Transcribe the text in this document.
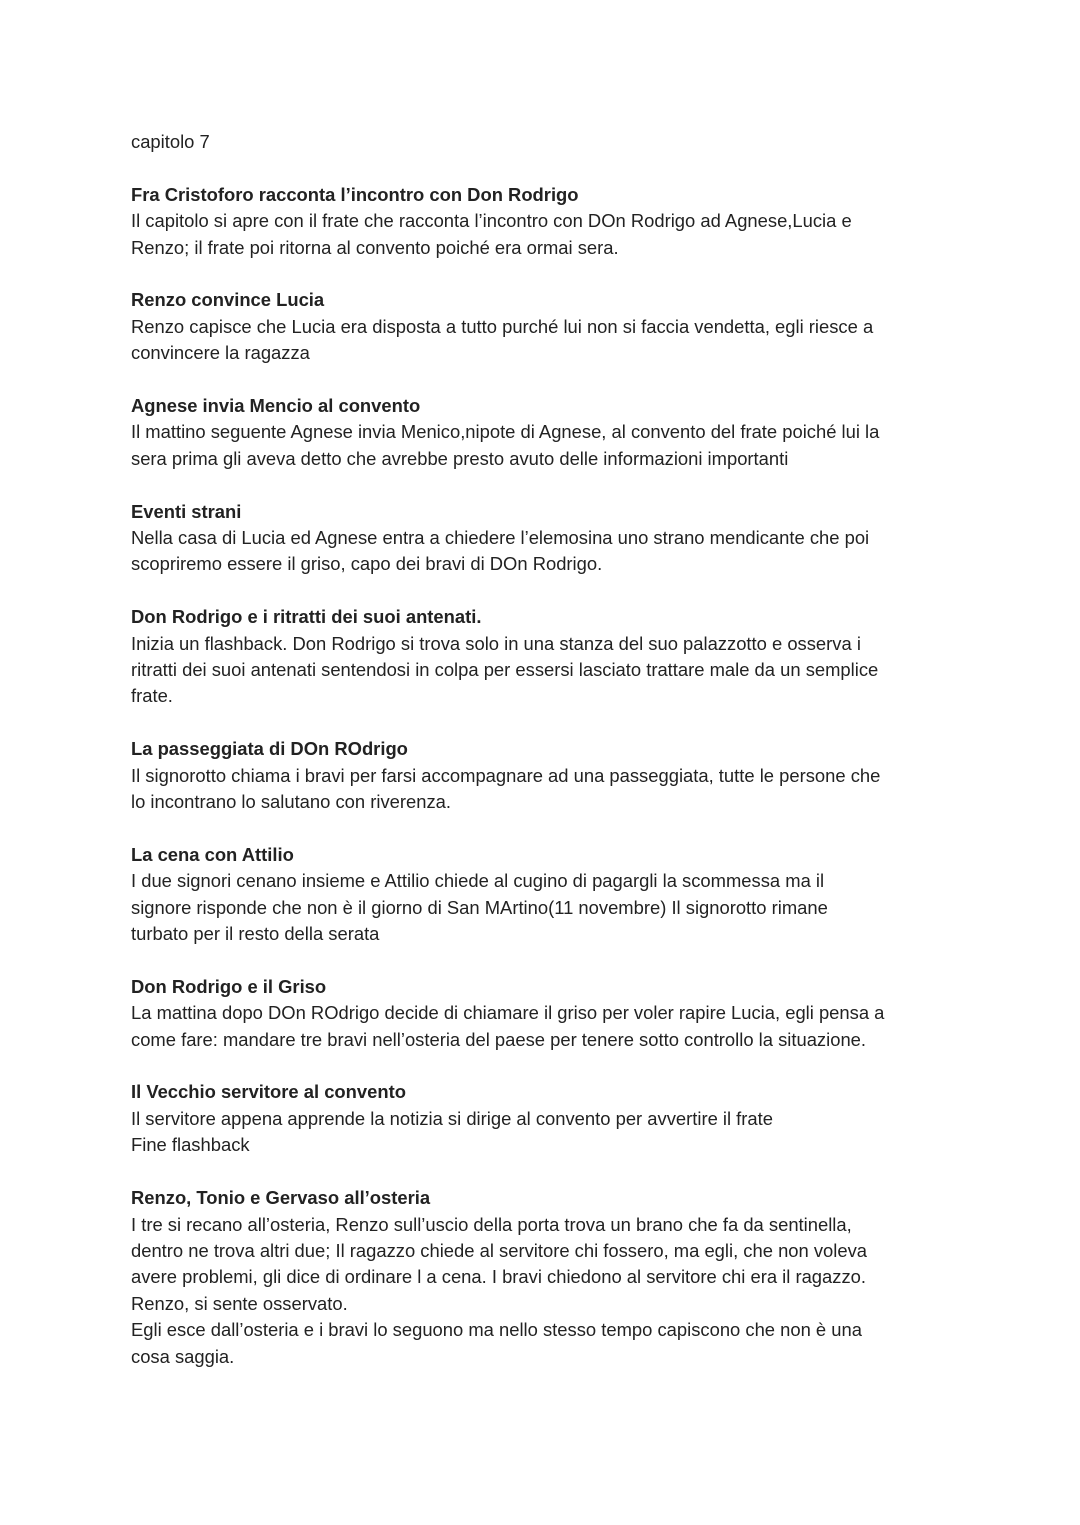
capitolo 7
Fra Cristoforo racconta l’incontro con Don Rodrigo
Il capitolo si apre con il frate che racconta l’incontro con DOn Rodrigo ad Agnese,Lucia e
Renzo; il frate poi ritorna al convento poiché era ormai sera.
Renzo convince Lucia
Renzo capisce che Lucia era disposta a tutto purché lui non si faccia vendetta, egli riesce a
convincere la ragazza
Agnese invia Mencio al convento
Il mattino seguente Agnese invia Menico,nipote di Agnese, al convento del frate poiché lui la
sera prima gli aveva detto che avrebbe presto avuto delle informazioni importanti
Eventi strani
Nella casa di Lucia ed Agnese entra a chiedere l’elemosina uno strano mendicante che poi
scopriremo essere il griso, capo dei bravi di DOn Rodrigo.
Don Rodrigo e i ritratti dei suoi antenati.
Inizia un flashback. Don Rodrigo si trova solo in una stanza del suo palazzotto e osserva i
ritratti dei suoi antenati sentendosi in colpa per essersi lasciato trattare male da un semplice
frate.
La passeggiata di DOn ROdrigo
Il signorotto chiama i bravi per farsi accompagnare ad una passeggiata, tutte le persone che
lo incontrano lo salutano con riverenza.
La cena con Attilio
I due signori cenano insieme e Attilio chiede al cugino di pagargli la scommessa ma il
signore risponde che non è il giorno di San MArtino(11 novembre) Il signorotto rimane
turbato per il resto della serata
Don Rodrigo e il Griso
La mattina dopo DOn ROdrigo decide di chiamare il griso per voler rapire Lucia, egli pensa a
come fare: mandare tre bravi nell’osteria del paese per tenere sotto controllo la situazione.
Il Vecchio servitore al convento
Il servitore appena apprende la notizia si dirige al convento per avvertire il frate
Fine flashback
Renzo, Tonio e Gervaso all’osteria
I tre si recano all’osteria, Renzo sull’uscio della porta trova un brano che fa da sentinella,
dentro ne trova altri due; Il ragazzo chiede al servitore chi fossero, ma egli, che non voleva
avere problemi, gli dice di ordinare l a cena. I bravi chiedono al servitore chi era il ragazzo.
Renzo, si sente osservato.
Egli esce dall’osteria e i bravi lo seguono ma nello stesso tempo capiscono che non è una
cosa saggia.
